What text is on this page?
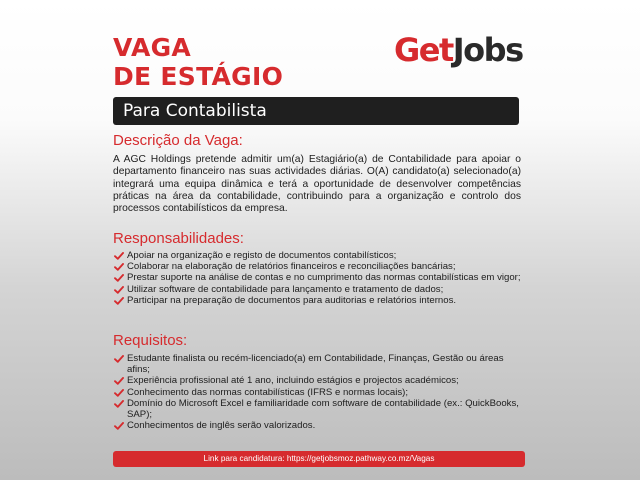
VAGA
DE ESTÁGIO
GetJobs
Para Contabilista
Descrição da Vaga:
A AGC Holdings pretende admitir um(a) Estagiário(a) de Contabilidade para apoiar o departamento financeiro nas suas actividades diárias. O(A) candidato(a) selecionado(a) integrará uma equipa dinâmica e terá a oportunidade de desenvolver competências práticas na área da contabilidade, contribuindo para a organização e controlo dos processos contabilísticos da empresa.
Responsabilidades:
Apoiar na organização e registo de documentos contabilísticos;
Colaborar na elaboração de relatórios financeiros e reconciliações bancárias;
Prestar suporte na análise de contas e no cumprimento das normas contabilísticas em vigor;
Utilizar software de contabilidade para lançamento e tratamento de dados;
Participar na preparação de documentos para auditorias e relatórios internos.
Requisitos:
Estudante finalista ou recém-licenciado(a) em Contabilidade, Finanças, Gestão ou áreas afins;
Experiência profissional até 1 ano, incluindo estágios e projectos académicos;
Conhecimento das normas contabilísticas (IFRS e normas locais);
Domínio do Microsoft Excel e familiaridade com software de contabilidade (ex.: QuickBooks, SAP);
Conhecimentos de inglês serão valorizados.
Link para candidatura: https://getjobsmoz.pathway.co.mz/Vagas
